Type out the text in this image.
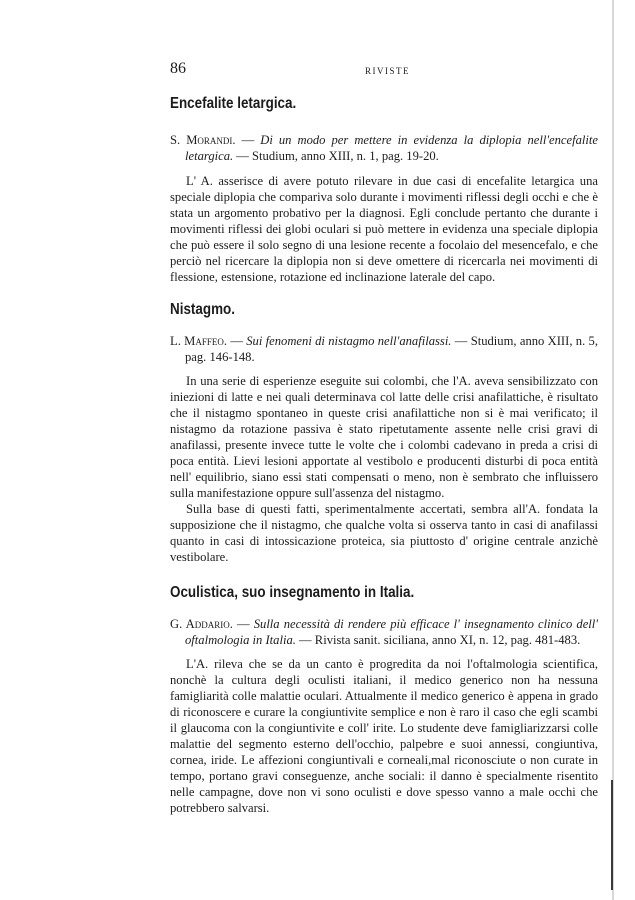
86	RIVISTE
Encefalite letargica.

S. Morandi. — Di un modo per mettere in evidenza la diplopia nell'encefalite letargica. — Studium, anno XIII, n. 1, pag. 19-20.

L' A. asserisce di avere potuto rilevare in due casi di encefalite letargica una speciale diplopia che compariva solo durante i movimenti riflessi degli occhi e che è stata un argomento probativo per la diagnosi. Egli conclude pertanto che durante i movimenti riflessi dei globi oculari si può mettere in evidenza una speciale diplopia che può essere il solo segno di una lesione recente a focolaio del mesencefalo, e che perciò nel ricercare la diplopia non si deve omettere di ricercarla nei movimenti di flessione, estensione, rotazione ed inclinazione laterale del capo.

Nistagmo.

L. Maffeo. — Sui fenomeni di nistagmo nell'anafilassi. — Studium, anno XIII, n. 5, pag. 146-148.

In una serie di esperienze eseguite sui colombi, che l'A. aveva sensibilizzato con iniezioni di latte e nei quali determinava col latte delle crisi anafilattiche, è risultato che il nistagmo spontaneo in queste crisi anafilattiche non si è mai verificato; il nistagmo da rotazione passiva è stato ripetutamente assente nelle crisi gravi di anafilassi, presente invece tutte le volte che i colombi cadevano in preda a crisi di poca entità. Lievi lesioni apportate al vestibolo e producenti disturbi di poca entità nell' equilibrio, siano essi stati compensati o meno, non è sembrato che influissero sulla manifestazione oppure sull'assenza del nistagmo.

Sulla base di questi fatti, sperimentalmente accertati, sembra all'A. fondata la supposizione che il nistagmo, che qualche volta si osserva tanto in casi di anafilassi quanto in casi di intossicazione proteica, sia piuttosto d' origine centrale anzichè vestibolare.

Oculistica, suo insegnamento in Italia.

G. Addario. — Sulla necessità di rendere più efficace l' insegnamento clinico dell' oftalmologia in Italia. — Rivista sanit. siciliana, anno XI, n. 12, pag. 481-483.

L'A. rileva che se da un canto è progredita da noi l'oftalmologia scientifica, nonchè la cultura degli oculisti italiani, il medico generico non ha nessuna famigliarità colle malattie oculari. Attualmente il medico generico è appena in grado di riconoscere e curare la congiuntivite semplice e non è raro il caso che egli scambi il glaucoma con la congiuntivite e coll' irite. Lo studente deve famigliarizzarsi colle malattie del segmento esterno dell'occhio, palpebre e suoi annessi, congiuntiva, cornea, iride. Le affezioni congiuntivali e corneali,mal riconosciute o non curate in tempo, portano gravi conseguenze, anche sociali: il danno è specialmente risentito nelle campagne, dove non vi sono oculisti e dove spesso vanno a male occhi che potrebbero salvarsi.
